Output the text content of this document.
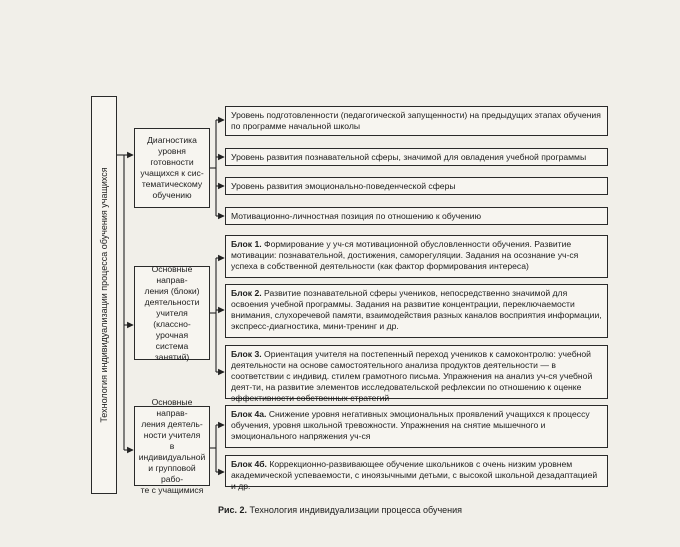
Технология индивидуализации процесса обучения учащихся
Диагностика
уровня готовности
учащихся к сис-
тематическому
обучению
Основные направ-
ления (блоки)
деятельности
учителя (классно-
урочная система
занятий)
Основные направ-
ления деятель-
ности учителя
в индивидуальной
и групповой рабо-
те с учащимися
Уровень подготовленности (педагогической запущенности) на предыдущих этапах обучения по программе начальной школы
Уровень развития познавательной сферы, значимой для овладения учебной программы
Уровень развития эмоционально-поведенческой сферы
Мотивационно-личностная позиция по отношению к обучению
Блок 1. Формирование у уч-ся мотивационной обусловленности обучения. Развитие мотивации: познавательной, достижения, саморегуляции. Задания на осознание уч-ся успеха в собственной деятельности (как фактор формирования интереса)
Блок 2. Развитие познавательной сферы учеников, непосредственно значимой для освоения учебной программы. Задания на развитие концентрации, переключаемости внимания, слухоречевой памяти, взаимодействия разных каналов восприятия информации, экспресс-диагностика, мини-тренинг и др.
Блок 3. Ориентация учителя на постепенный переход учеников к самоконтролю: учебной деятельности на основе самостоятельного анализа продуктов деятельности — в соответствии с индивид. стилем грамотного письма. Упражнения на анализ уч-ся учебной деят-ти, на развитие элементов исследовательской рефлексии по отношению к оценке эффективности собственных стратегий
Блок 4а. Снижение уровня негативных эмоциональных проявлений учащихся к процессу обучения, уровня школьной тревожности. Упражнения на снятие мышечного и эмоционального напряжения уч-ся
Блок 4б. Коррекционно-развивающее обучение школьников с очень низким уровнем академической успеваемости, с иноязычными детьми, с высокой школьной дезадаптацией и др.
Рис. 2. Технология индивидуализации процесса обучения
